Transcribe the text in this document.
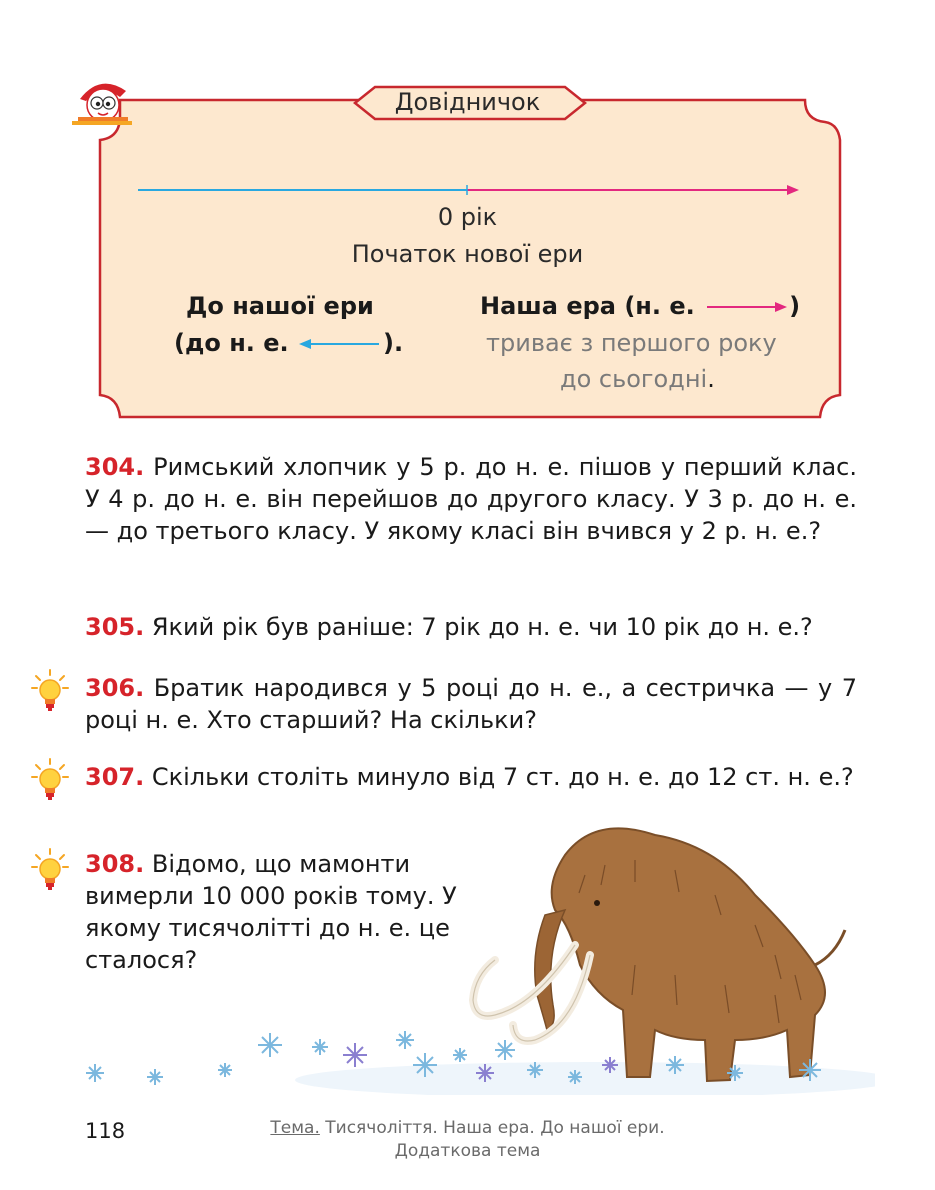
Довідничок
0 рік
Початок нової ери
До нашої ери
(до н. е.	).
Наша ера (н. е.	)
триває з першого року
до сьогодні.
304. Римський хлопчик у 5 р. до н. е. пішов у перший клас. У 4 р. до н. е. він перейшов до другого класу. У 3 р. до н. е. — до третього класу. У якому класі він вчився у 2 р. н. е.?
305. Який рік був раніше: 7 рік до н. е. чи 10 рік до н. е.?
306. Братик народився у 5 році до н. е., а сестричка — у 7 році н. е. Хто старший? На скільки?
307. Скільки століть минуло від 7 ст. до н. е. до 12 ст. н. е.?
308. Відомо, що мамонти вимерли 10 000 років тому. У якому тисячолітті до н. е. це сталося?
118	Тема. Тисячоліття. Наша ера. До нашої ери.
Додаткова тема
